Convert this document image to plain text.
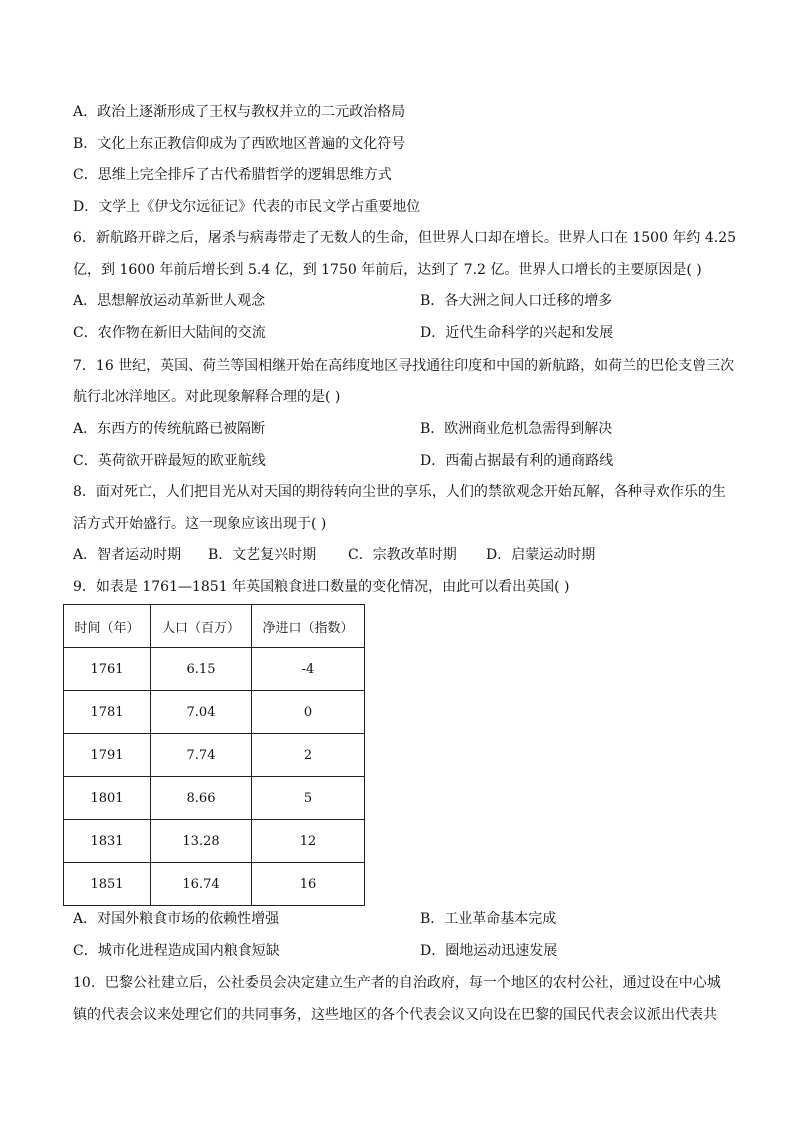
A．政治上逐渐形成了王权与教权并立的二元政治格局
B．文化上东正教信仰成为了西欧地区普遍的文化符号
C．思维上完全排斥了古代希腊哲学的逻辑思维方式
D．文学上《伊戈尔远征记》代表的市民文学占重要地位
6．新航路开辟之后，屠杀与病毒带走了无数人的生命，但世界人口却在增长。世界人口在 1500 年约 4.25
亿，到 1600 年前后增长到 5.4 亿，到 1750 年前后，达到了 7.2 亿。世界人口增长的主要原因是( )
A．思想解放运动革新世人观念	B．各大洲之间人口迁移的增多
C．农作物在新旧大陆间的交流	D．近代生命科学的兴起和发展
7．16 世纪，英国、荷兰等国相继开始在高纬度地区寻找通往印度和中国的新航路，如荷兰的巴伦支曾三次
航行北冰洋地区。对此现象解释合理的是( )
A．东西方的传统航路已被隔断	B．欧洲商业危机急需得到解决
C．英荷欲开辟最短的欧亚航线	D．西葡占据最有利的通商路线
8．面对死亡，人们把目光从对天国的期待转向尘世的享乐，人们的禁欲观念开始瓦解，各种寻欢作乐的生
活方式开始盛行。这一现象应该出现于( )
A．智者运动时期 B．文艺复兴时期 C．宗教改革时期 D．启蒙运动时期
9．如表是 1761—1851 年英国粮食进口数量的变化情况，由此可以看出英国( )
时间（年）	人口（百万）	净进口（指数）
1761	6.15	-4
1781	7.04	0
1791	7.74	2
1801	8.66	5
1831	13.28	12
1851	16.74	16
A．对国外粮食市场的依赖性增强	B．工业革命基本完成
C．城市化进程造成国内粮食短缺	D．圈地运动迅速发展
10．巴黎公社建立后，公社委员会决定建立生产者的自治政府，每一个地区的农村公社，通过设在中心城
镇的代表会议来处理它们的共同事务，这些地区的各个代表会议又向设在巴黎的国民代表会议派出代表共
